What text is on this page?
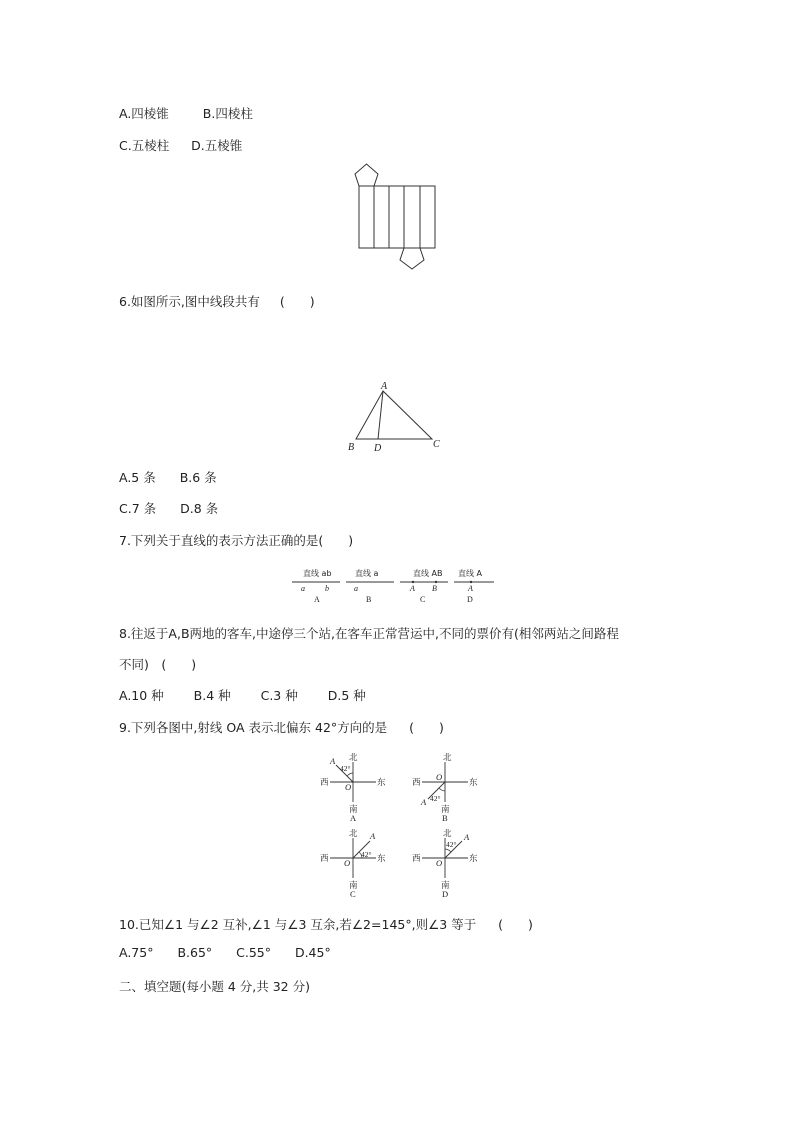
A.四棱锥	B.四棱柱
C.五棱柱 D.五棱锥
6.如图所示,图中线段共有 (　　)
A
B D	C
A.5 条 B.6 条
C.7 条 D.8 条
7.下列关于直线的表示方法正确的是(　　)
直线 ab
a	b
A
直线 a
a
B
直线 AB
A B
C
直线 A
A
D
8.往返于A,B两地的客车,中途停三个站,在客车正常营运中,不同的票价有(相邻两站之间路程
不同)　(　　)
A.10 种 B.4 种 C.3 种 D.5 种
9.下列各图中,射线 OA 表示北偏东 42°方向的是 (　　)
北
西	东
南
A
O
42°
A
北
西	东
南
A
O
42°
B
北
西	东
南
A
O
42°
C
北
西	东
南
A
O
42°
D
10.已知∠1 与∠2 互补,∠1 与∠3 互余,若∠2=145°,则∠3 等于 (　　)
A.75° B.65° C.55° D.45°
二、填空题(每小题 4 分,共 32 分)
